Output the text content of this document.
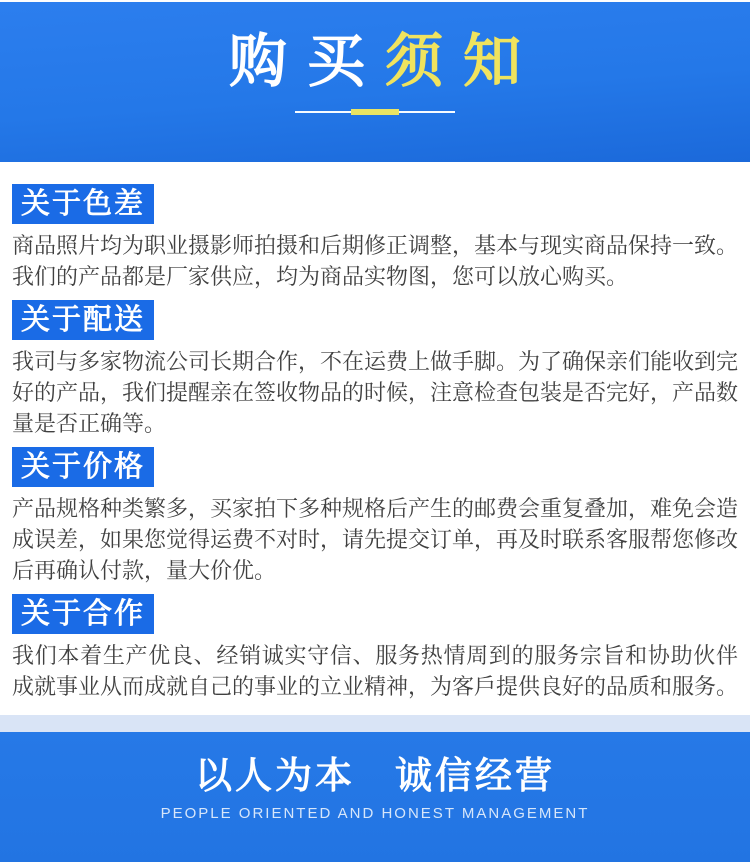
购买须知
关于色差

商品照片均为职业摄影师拍摄和后期修正调整，基本与现实商品保持一致。我们的产品都是厂家供应，均为商品实物图，您可以放心购买。

关于配送

我司与多家物流公司长期合作，不在运费上做手脚。为了确保亲们能收到完好的产品，我们提醒亲在签收物品的时候，注意检查包装是否完好，产品数量是否正确等。

关于价格

产品规格种类繁多，买家拍下多种规格后产生的邮费会重复叠加，难免会造成误差，如果您觉得运费不对时，请先提交订单，再及时联系客服帮您修改后再确认付款，量大价优。

关于合作

我们本着生产优良、经销诚实守信、服务热情周到的服务宗旨和协助伙伴 成就事业从而成就自己的事业的立业精神，为客戶提供良好的品质和服务。

以人为本　诚信经营
PEOPLE ORIENTED AND HONEST MANAGEMENT
